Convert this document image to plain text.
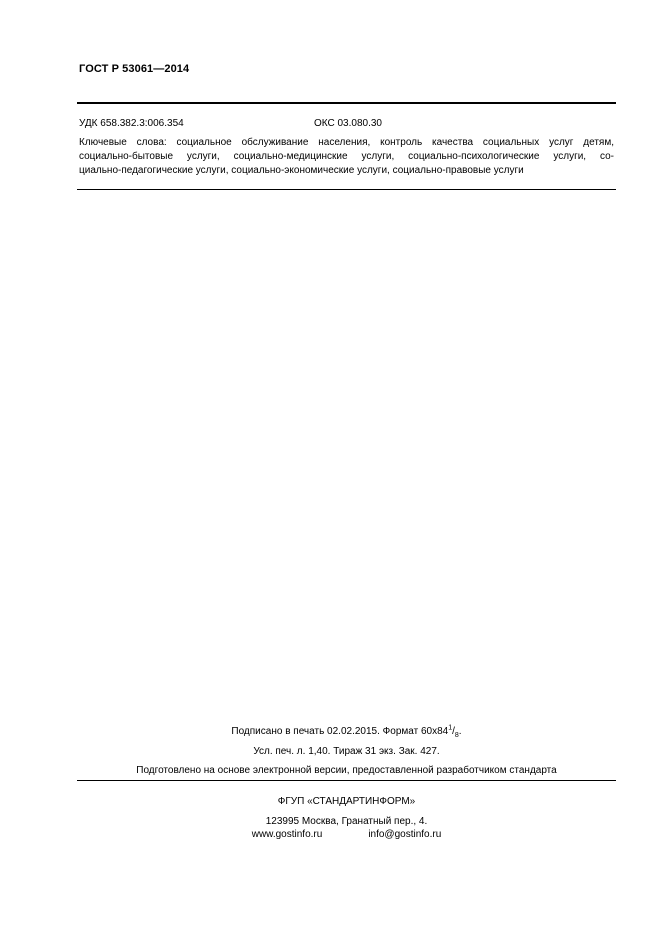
ГОСТ Р 53061—2014
УДК 658.382.3:006.354	ОКС 03.080.30
Ключевые слова: социальное обслуживание населения, контроль качества социальных услуг детям,
социально-бытовые услуги, социально-медицинские услуги, социально-психологические услуги, со-
циально-педагогические услуги, социально-экономические услуги, социально-правовые услуги
Подписано в печать 02.02.2015. Формат $60x84^1/_8$.
Усл. печ. л. 1,40. Тираж 31 экз. Зак. 427.
Подготовлено на основе электронной версии, предоставленной разработчиком стандарта
ФГУП «СТАНДАРТИНФОРМ»
123995 Москва, Гранатный пер., 4.
www.gostinfo.ru	info@gostinfo.ru
